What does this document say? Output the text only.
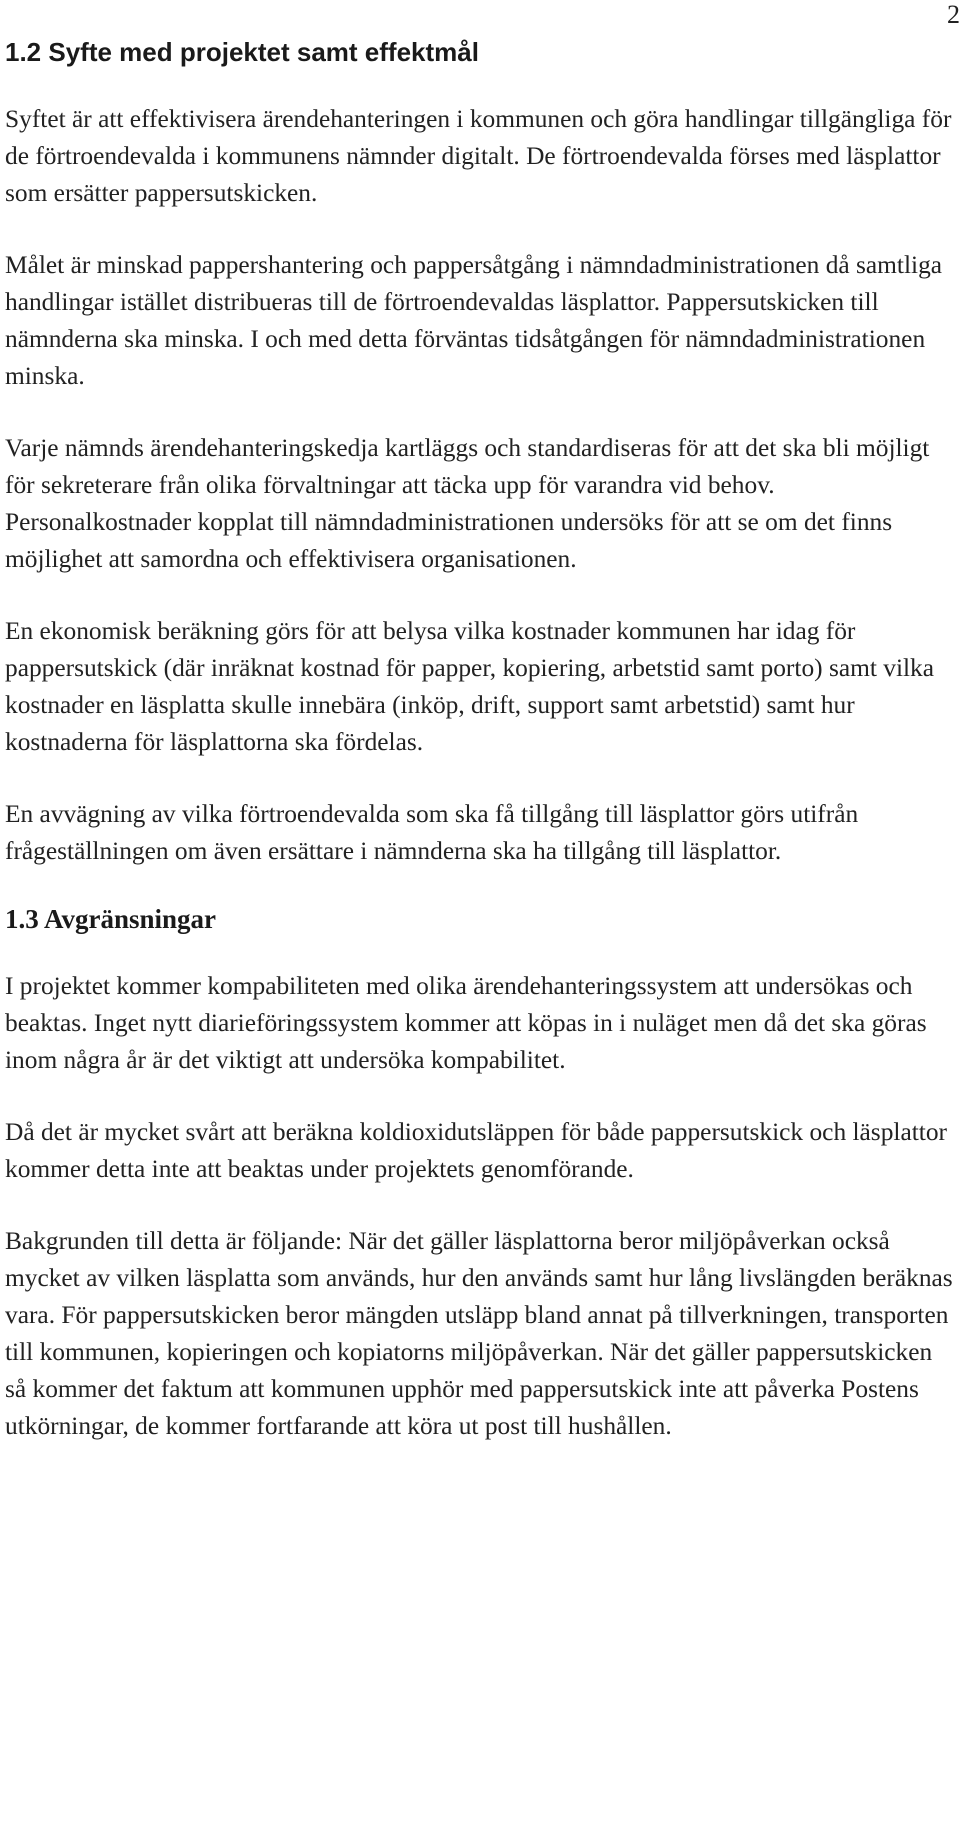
2
1.2 Syfte med projektet samt effektmål

Syftet är att effektivisera ärendehanteringen i kommunen och göra handlingar tillgängliga för de förtroendevalda i kommunens nämnder digitalt. De förtroendevalda förses med läsplattor som ersätter pappersutskicken.

Målet är minskad pappershantering och pappersåtgång i nämndadministrationen då samtliga handlingar istället distribueras till de förtroendevaldas läsplattor. Pappersutskicken till nämnderna ska minska. I och med detta förväntas tidsåtgången för nämndadministrationen minska.

Varje nämnds ärendehanteringskedja kartläggs och standardiseras för att det ska bli möjligt för sekreterare från olika förvaltningar att täcka upp för varandra vid behov. Personalkostnader kopplat till nämndadministrationen undersöks för att se om det finns möjlighet att samordna och effektivisera organisationen.

En ekonomisk beräkning görs för att belysa vilka kostnader kommunen har idag för pappersutskick (där inräknat kostnad för papper, kopiering, arbetstid samt porto) samt vilka kostnader en läsplatta skulle innebära (inköp, drift, support samt arbetstid) samt hur kostnaderna för läsplattorna ska fördelas.

En avvägning av vilka förtroendevalda som ska få tillgång till läsplattor görs utifrån frågeställningen om även ersättare i nämnderna ska ha tillgång till läsplattor.

1.3 Avgränsningar

I projektet kommer kompabiliteten med olika ärendehanteringssystem att undersökas och beaktas. Inget nytt diarieföringssystem kommer att köpas in i nuläget men då det ska göras inom några år är det viktigt att undersöka kompabilitet.

Då det är mycket svårt att beräkna koldioxidutsläppen för både pappersutskick och läsplattor kommer detta inte att beaktas under projektets genomförande.

Bakgrunden till detta är följande: När det gäller läsplattorna beror miljöpåverkan också mycket av vilken läsplatta som används, hur den används samt hur lång livslängden beräknas vara. För pappersutskicken beror mängden utsläpp bland annat på tillverkningen, transporten till kommunen, kopieringen och kopiatorns miljöpåverkan. När det gäller pappersutskicken så kommer det faktum att kommunen upphör med pappersutskick inte att påverka Postens utkörningar, de kommer fortfarande att köra ut post till hushållen.
